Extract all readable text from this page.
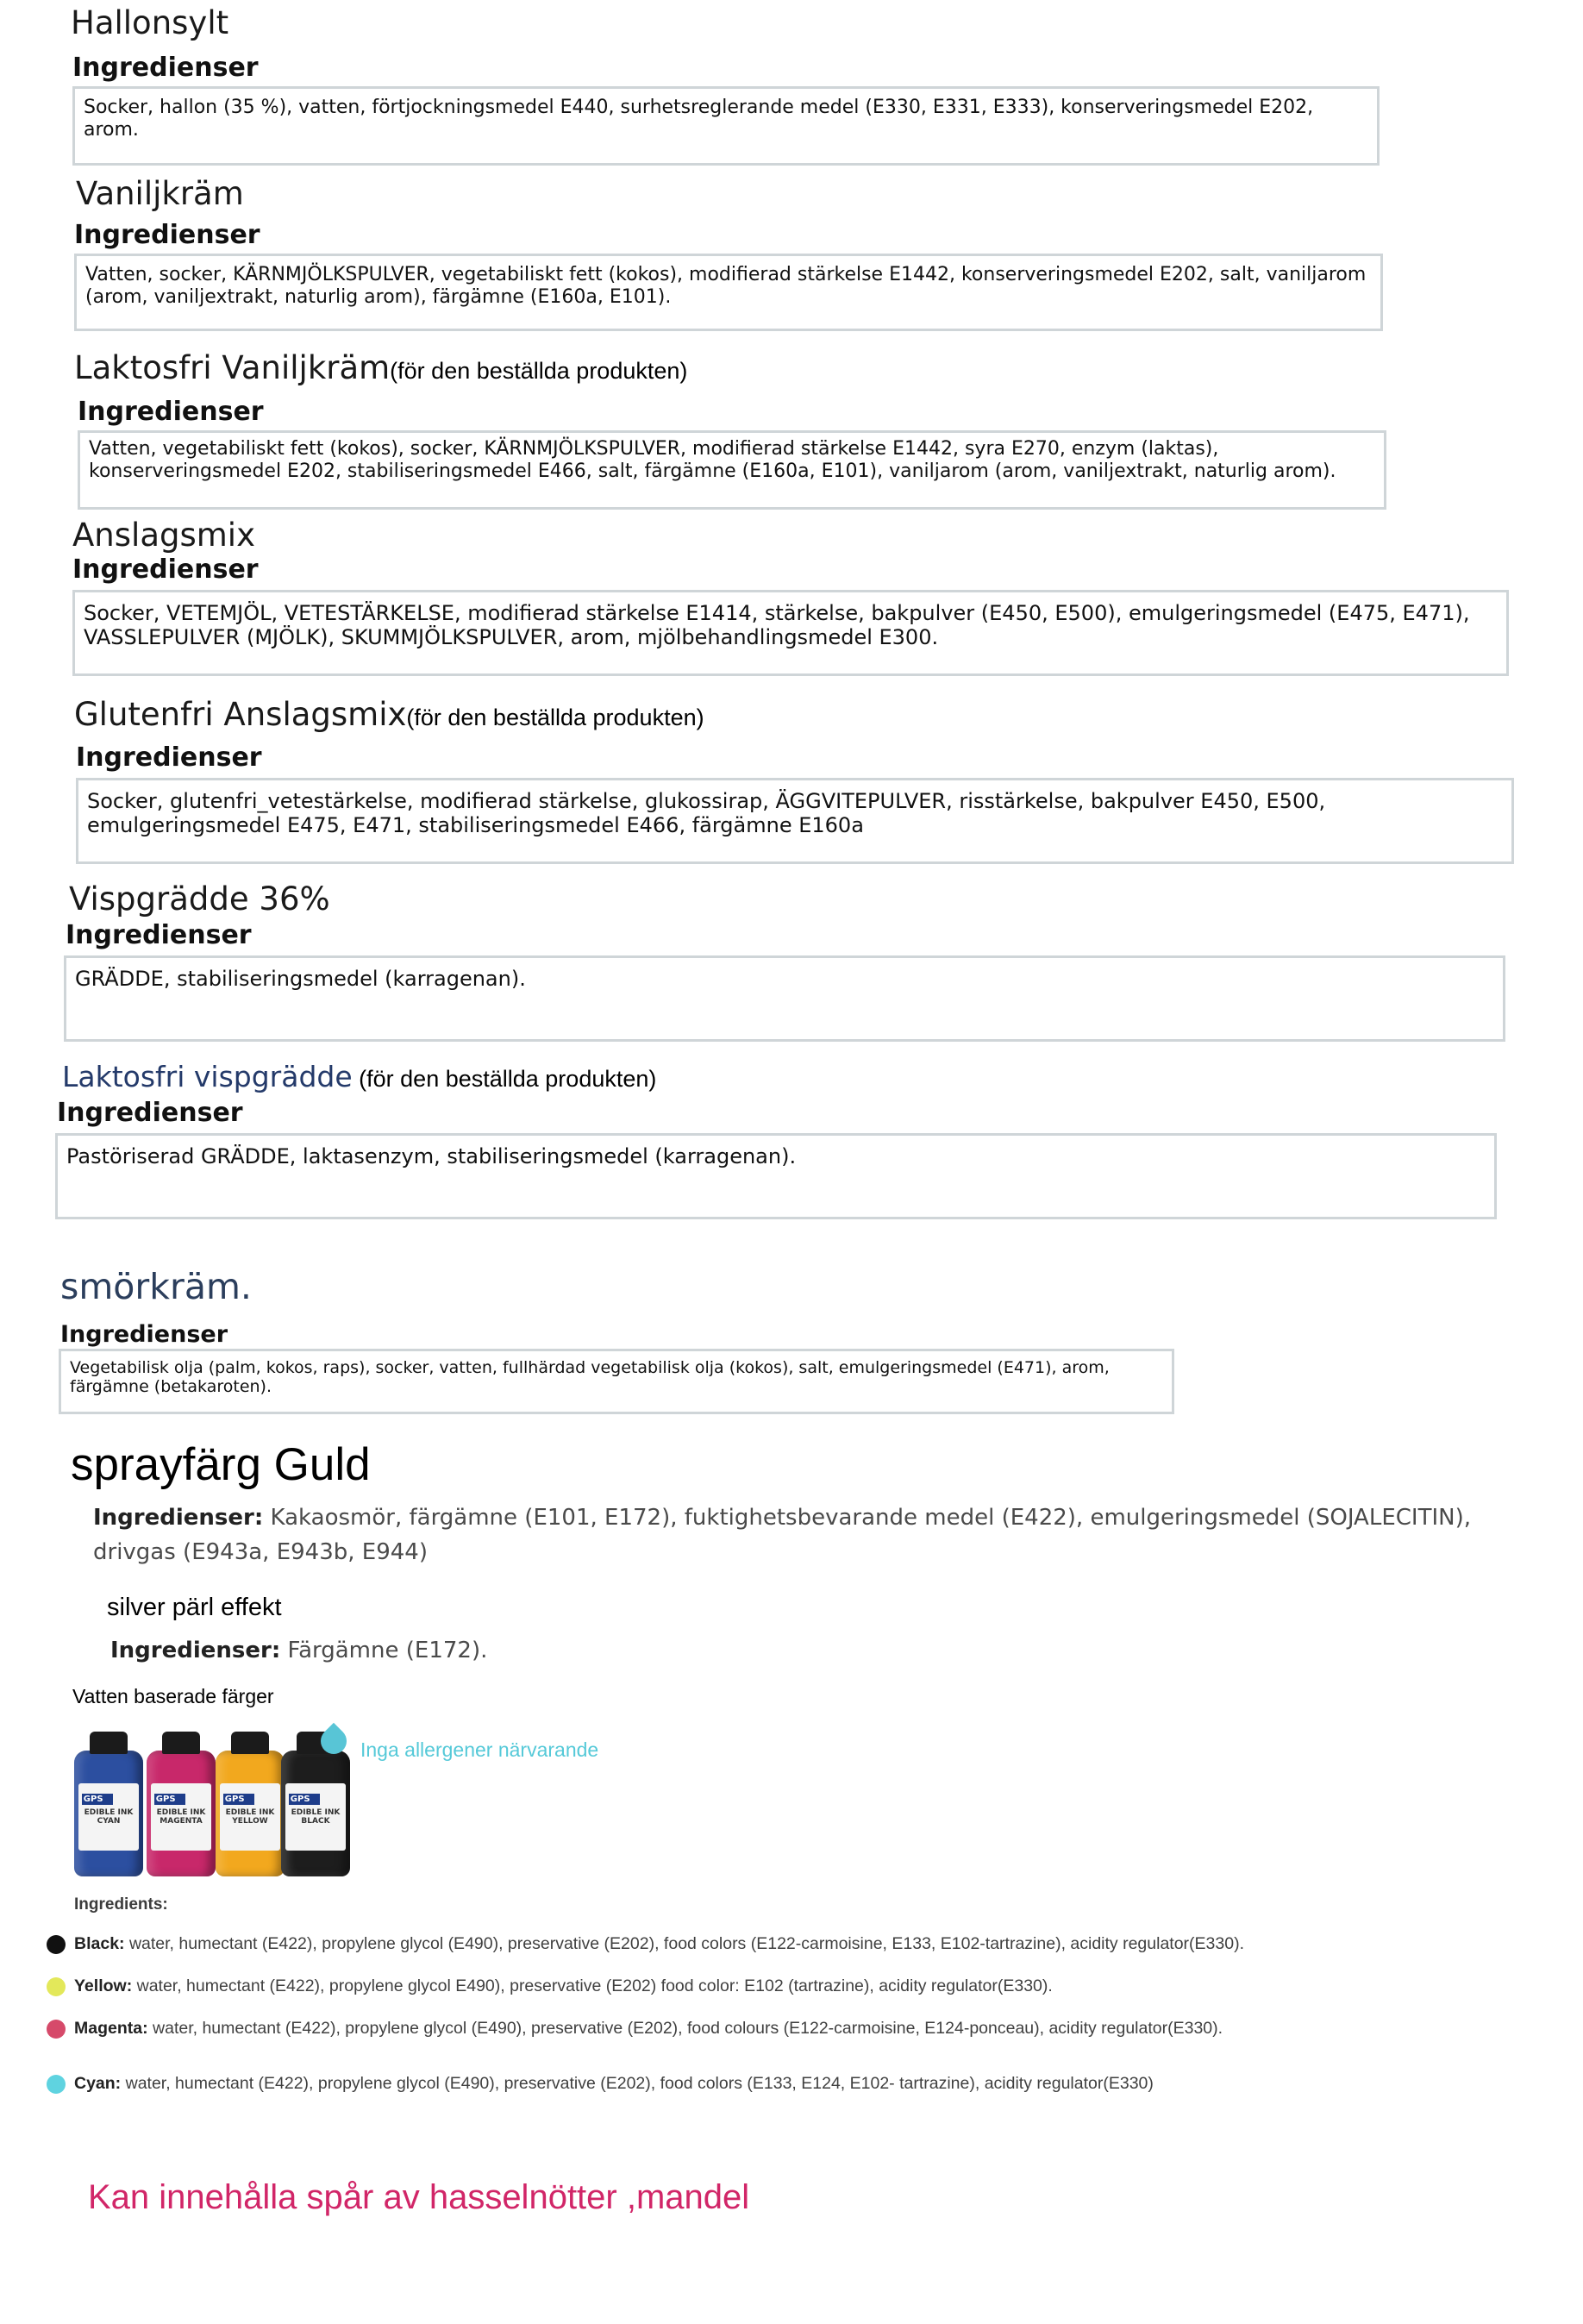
Hallonsylt
Ingredienser
Socker, hallon (35 %), vatten, förtjockningsmedel E440, surhetsreglerande medel (E330, E331, E333), konserveringsmedel E202, arom.
Vaniljkräm
Ingredienser
Vatten, socker, KÄRNMJÖLKSPULVER, vegetabiliskt fett (kokos), modifierad stärkelse E1442, konserveringsmedel E202, salt, vaniljarom (arom, vaniljextrakt, naturlig arom), färgämne (E160a, E101).
Laktosfri Vaniljkräm(för den beställda produkten)
Ingredienser
Vatten, vegetabiliskt fett (kokos), socker, KÄRNMJÖLKSPULVER, modifierad stärkelse E1442, syra E270, enzym (laktas), konserveringsmedel E202, stabiliseringsmedel E466, salt, färgämne (E160a, E101), vaniljarom (arom, vaniljextrakt, naturlig arom).
Anslagsmix
Ingredienser
Socker, VETEMJÖL, VETESTÄRKELSE, modifierad stärkelse E1414, stärkelse, bakpulver (E450, E500), emulgeringsmedel (E475, E471), VASSLEPULVER (MJÖLK), SKUMMJÖLKSPULVER, arom, mjölbehandlingsmedel E300.
Glutenfri Anslagsmix(för den beställda produkten)
Ingredienser
Socker, glutenfri_vetestärkelse, modifierad stärkelse, glukossirap, ÄGGVITEPULVER, risstärkelse, bakpulver E450, E500, emulgeringsmedel E475, E471, stabiliseringsmedel E466, färgämne E160a
Vispgrädde 36%
Ingredienser
GRÄDDE, stabiliseringsmedel (karragenan).
Laktosfri vispgrädde (för den beställda produkten)
Ingredienser
Pastöriserad GRÄDDE, laktasenzym, stabiliseringsmedel (karragenan).
smörkräm.
Ingredienser
Vegetabilisk olja (palm, kokos, raps), socker, vatten, fullhärdad vegetabilisk olja (kokos), salt, emulgeringsmedel (E471), arom, färgämne (betakaroten).
sprayfärg Guld
Ingredienser: Kakaosmör, färgämne (E101, E172), fuktighetsbevarande medel (E422), emulgeringsmedel (SOJALECITIN), drivgas (E943a, E943b, E944)
silver pärl effekt
Ingredienser: Färgämne (E172).
Vatten baserade färger
GPS
EDIBLE INK CYAN
GPS
EDIBLE INK MAGENTA
GPS
EDIBLE INK YELLOW
GPS
EDIBLE INK BLACK
Inga allergener närvarande
Ingredients:
Black: water, humectant (E422), propylene glycol (E490), preservative (E202), food colors (E122-carmoisine, E133, E102-tartrazine), acidity regulator(E330).
Yellow: water, humectant (E422), propylene glycol E490), preservative (E202) food color: E102 (tartrazine), acidity regulator(E330).
Magenta: water, humectant (E422), propylene glycol (E490), preservative (E202), food colours (E122-carmoisine, E124-ponceau), acidity regulator(E330).
Cyan: water, humectant (E422), propylene glycol (E490), preservative (E202), food colors (E133, E124, E102- tartrazine), acidity regulator(E330)
Kan innehålla spår av hasselnötter ,mandel
